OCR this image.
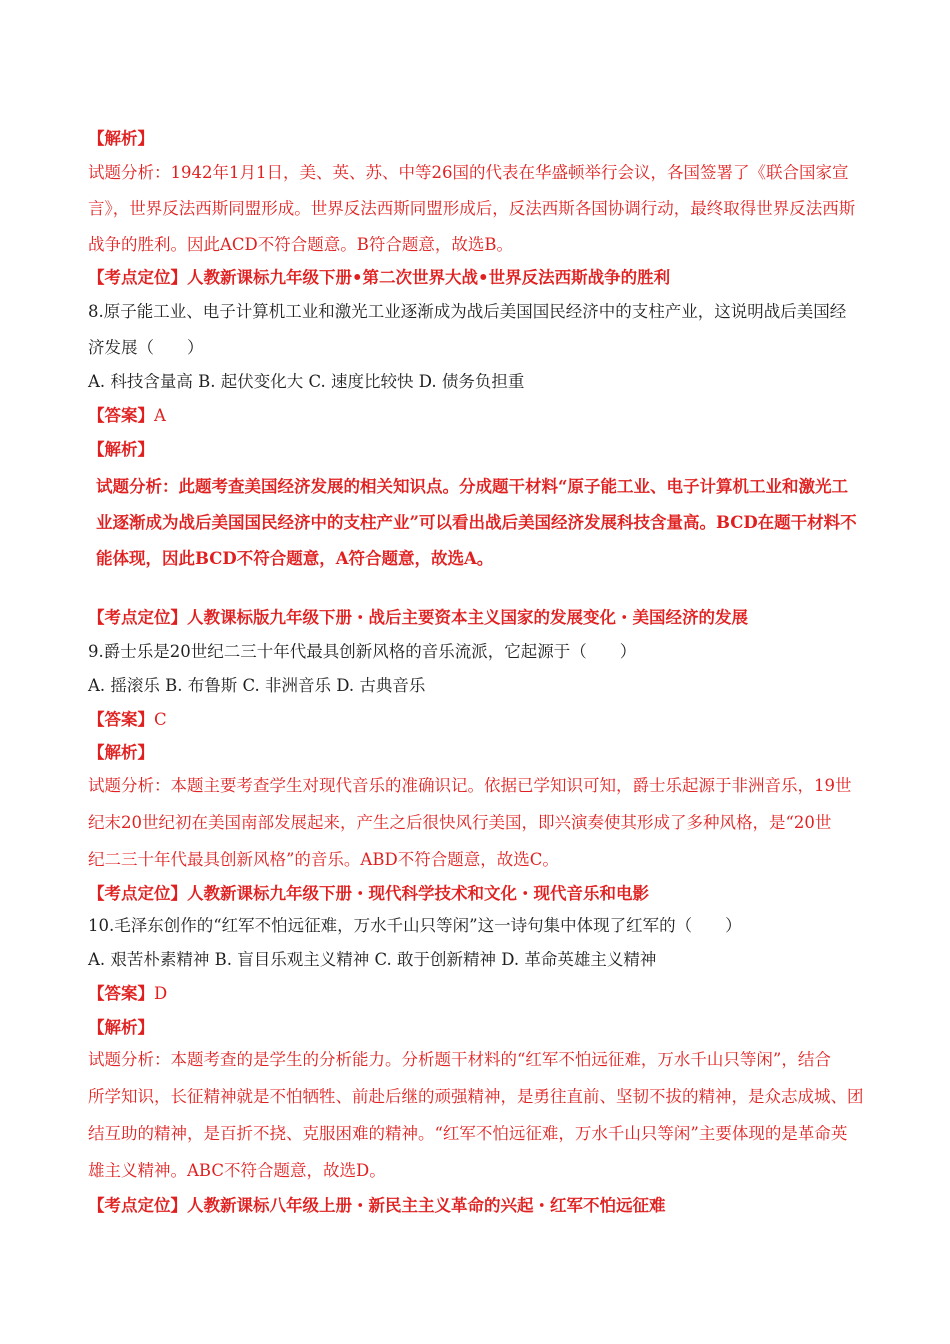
【解析】
试题分析：1942年1月1日，美、英、苏、中等26国的代表在华盛顿举行会议，各国签署了《联合国家宣
言》，世界反法西斯同盟形成。世界反法西斯同盟形成后，反法西斯各国协调行动，最终取得世界反法西斯
战争的胜利。因此ACD不符合题意。B符合题意，故选B。
【考点定位】人教新课标九年级下册•第二次世界大战•世界反法西斯战争的胜利
8.原子能工业、电子计算机工业和激光工业逐渐成为战后美国国民经济中的支柱产业，这说明战后美国经
济发展（　　）
A. 科技含量高 B. 起伏变化大 C. 速度比较快 D. 债务负担重
【答案】A
【解析】
试题分析：此题考查美国经济发展的相关知识点。分成题干材料“原子能工业、电子计算机工业和激光工
业逐渐成为战后美国国民经济中的支柱产业”可以看出战后美国经济发展科技含量高。BCD在题干材料不
能体现，因此BCD不符合题意，A符合题意，故选A。
【考点定位】人教课标版九年级下册・战后主要资本主义国家的发展变化・美国经济的发展
9.爵士乐是20世纪二三十年代最具创新风格的音乐流派，它起源于（　　）
A. 摇滚乐 B. 布鲁斯 C. 非洲音乐 D. 古典音乐
【答案】C
【解析】
试题分析：本题主要考查学生对现代音乐的准确识记。依据已学知识可知，爵士乐起源于非洲音乐，19世
纪末20世纪初在美国南部发展起来，产生之后很快风行美国，即兴演奏使其形成了多种风格，是“20世
纪二三十年代最具创新风格”的音乐。ABD不符合题意，故选C。
【考点定位】人教新课标九年级下册・现代科学技术和文化・现代音乐和电影
10.毛泽东创作的“红军不怕远征难，万水千山只等闲”这一诗句集中体现了红军的（　　）
A. 艰苦朴素精神 B. 盲目乐观主义精神 C. 敢于创新精神 D. 革命英雄主义精神
【答案】D
【解析】
试题分析：本题考查的是学生的分析能力。分析题干材料的“红军不怕远征难，万水千山只等闲”，结合
所学知识，长征精神就是不怕牺牲、前赴后继的顽强精神，是勇往直前、坚韧不拔的精神，是众志成城、团
结互助的精神，是百折不挠、克服困难的精神。“红军不怕远征难，万水千山只等闲”主要体现的是革命英
雄主义精神。ABC不符合题意，故选D。
【考点定位】人教新课标八年级上册・新民主主义革命的兴起・红军不怕远征难
